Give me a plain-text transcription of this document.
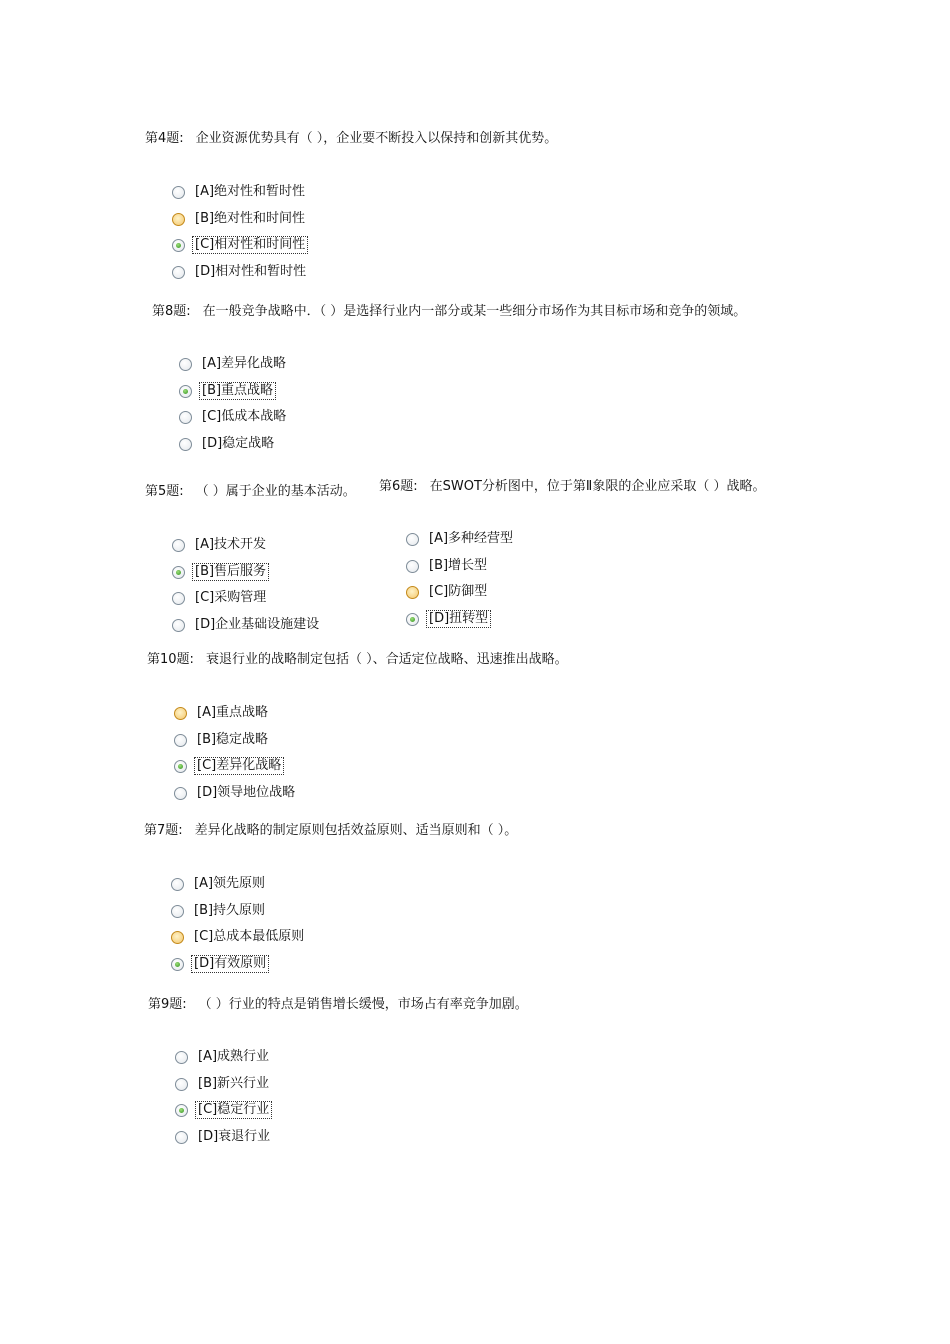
第4题: 企业资源优势具有（ ），企业要不断投入以保持和创新其优势。
[A]绝对性和暂时性
[B]绝对性和时间性
[C]相对性和时间性
[D]相对性和暂时性
第8题: 在一般竞争战略中．（ ）是选择行业内一部分或某一些细分市场作为其目标市场和竞争的领域。
[A]差异化战略
[B]重点战略
[C]低成本战略
[D]稳定战略
第5题: （ ）属于企业的基本活动。
[A]技术开发
[B]售后服务
[C]采购管理
[D]企业基础设施建设
第6题: 在SWOT分析图中，位于第Ⅱ象限的企业应采取（ ）战略。
[A]多种经营型
[B]增长型
[C]防御型
[D]扭转型
第10题: 衰退行业的战略制定包括（ ）、合适定位战略、迅速推出战略。
[A]重点战略
[B]稳定战略
[C]差异化战略
[D]领导地位战略
第7题: 差异化战略的制定原则包括效益原则、适当原则和（ ）。
[A]领先原则
[B]持久原则
[C]总成本最低原则
[D]有效原则
第9题: （ ）行业的特点是销售增长缓慢，市场占有率竞争加剧。
[A]成熟行业
[B]新兴行业
[C]稳定行业
[D]衰退行业
